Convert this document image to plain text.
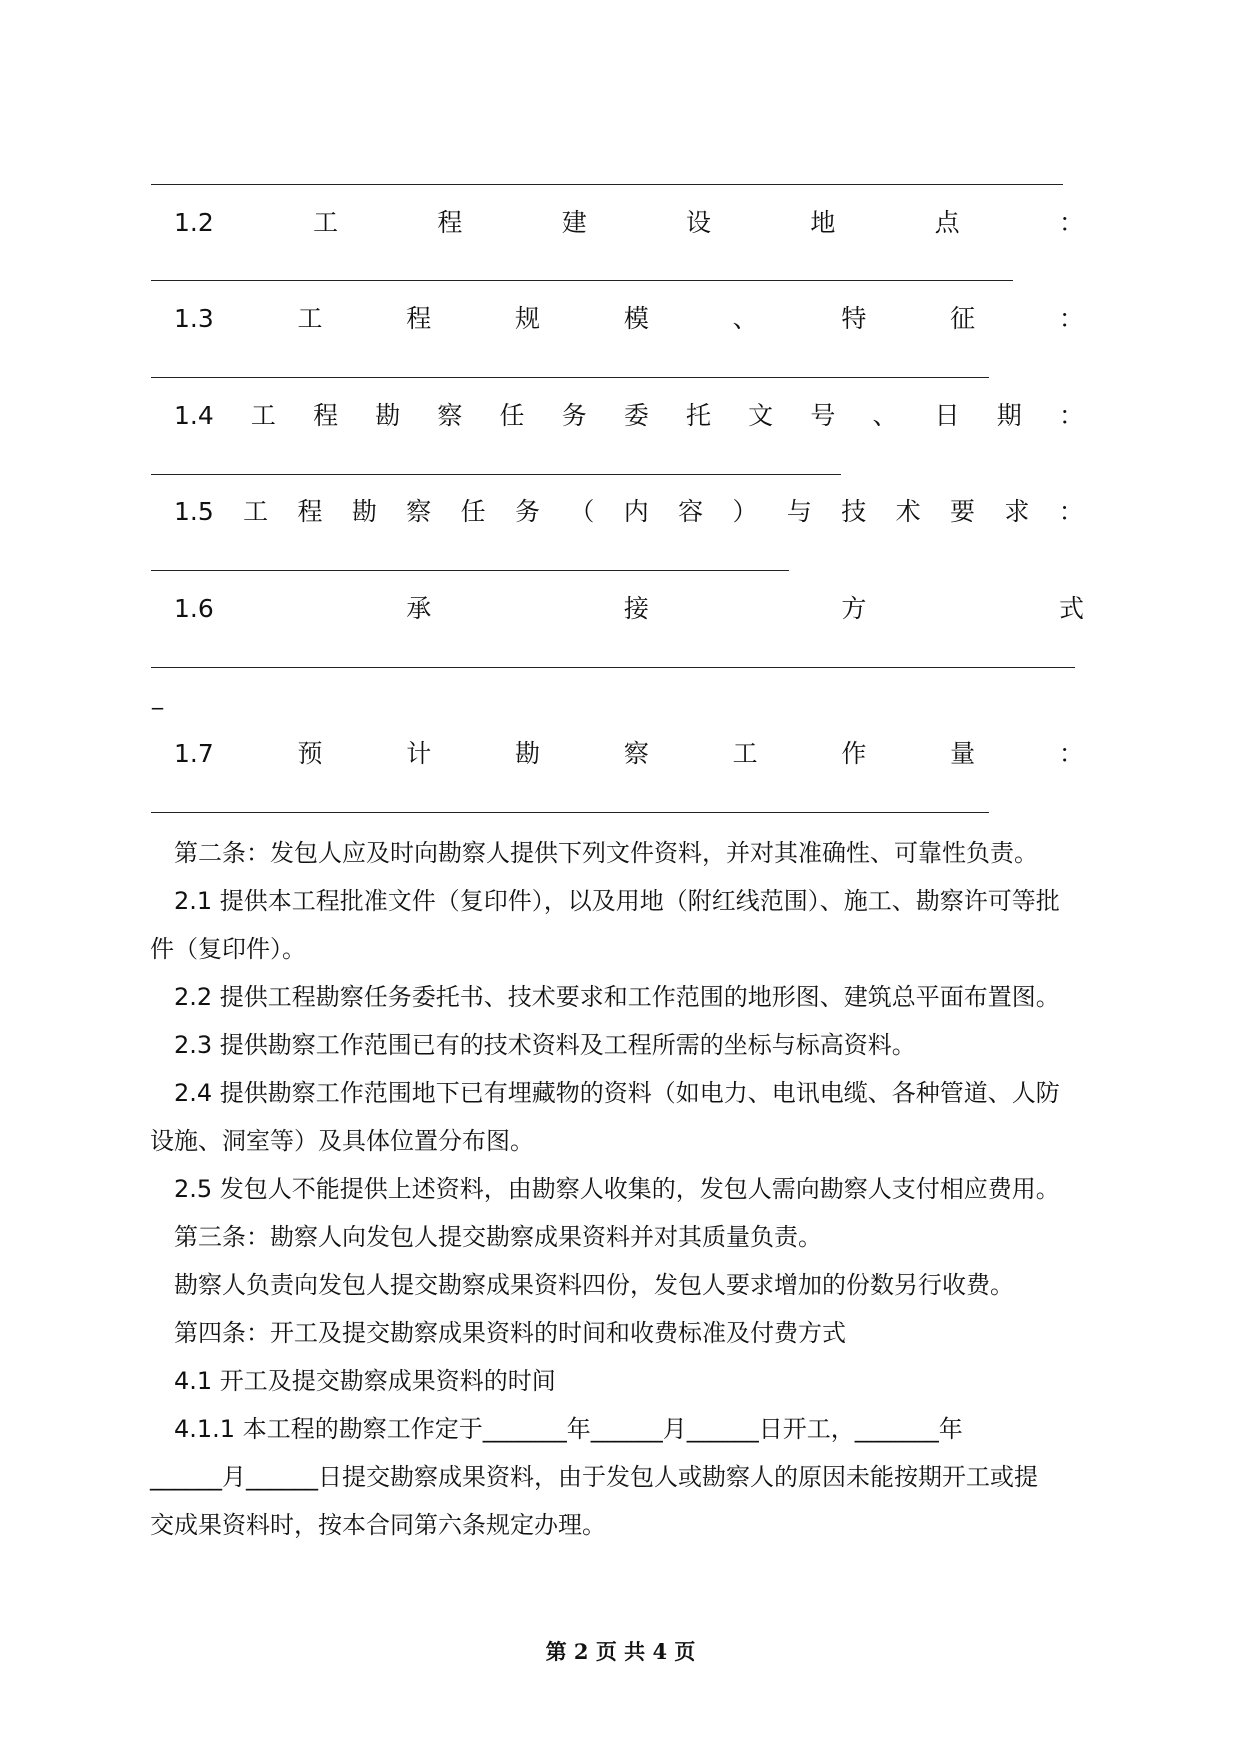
1.2	工	程	建	设	地	点	：
1.3	工	程	规	模	、	特	征	：
1.4 工 程 勘 察 任 务 委 托 文 号 、 日 期 ：
1.5 工 程 勘 察 任 务 （ 内 容 ） 与 技 术 要 求 ：
1.6	承	接	方	式
1.7	预	计	勘	察	工	作	量	：
_
第二条：发包人应及时向勘察人提供下列文件资料，并对其准确性、可靠性负责。
2.1 提供本工程批准文件（复印件），以及用地（附红线范围）、施工、勘察许可等批
件（复印件）。
2.2 提供工程勘察任务委托书、技术要求和工作范围的地形图、建筑总平面布置图。
2.3 提供勘察工作范围已有的技术资料及工程所需的坐标与标高资料。
2.4 提供勘察工作范围地下已有埋藏物的资料（如电力、电讯电缆、各种管道、人防
设施、洞室等）及具体位置分布图。
2.5 发包人不能提供上述资料，由勘察人收集的，发包人需向勘察人支付相应费用。
第三条：勘察人向发包人提交勘察成果资料并对其质量负责。
勘察人负责向发包人提交勘察成果资料四份，发包人要求增加的份数另行收费。
第四条：开工及提交勘察成果资料的时间和收费标准及付费方式
4.1 开工及提交勘察成果资料的时间
4.1.1 本工程的勘察工作定于_______年______月______日开工，_______年
______月______日提交勘察成果资料，由于发包人或勘察人的原因未能按期开工或提
交成果资料时，按本合同第六条规定办理。
第 2 页 共 4 页
